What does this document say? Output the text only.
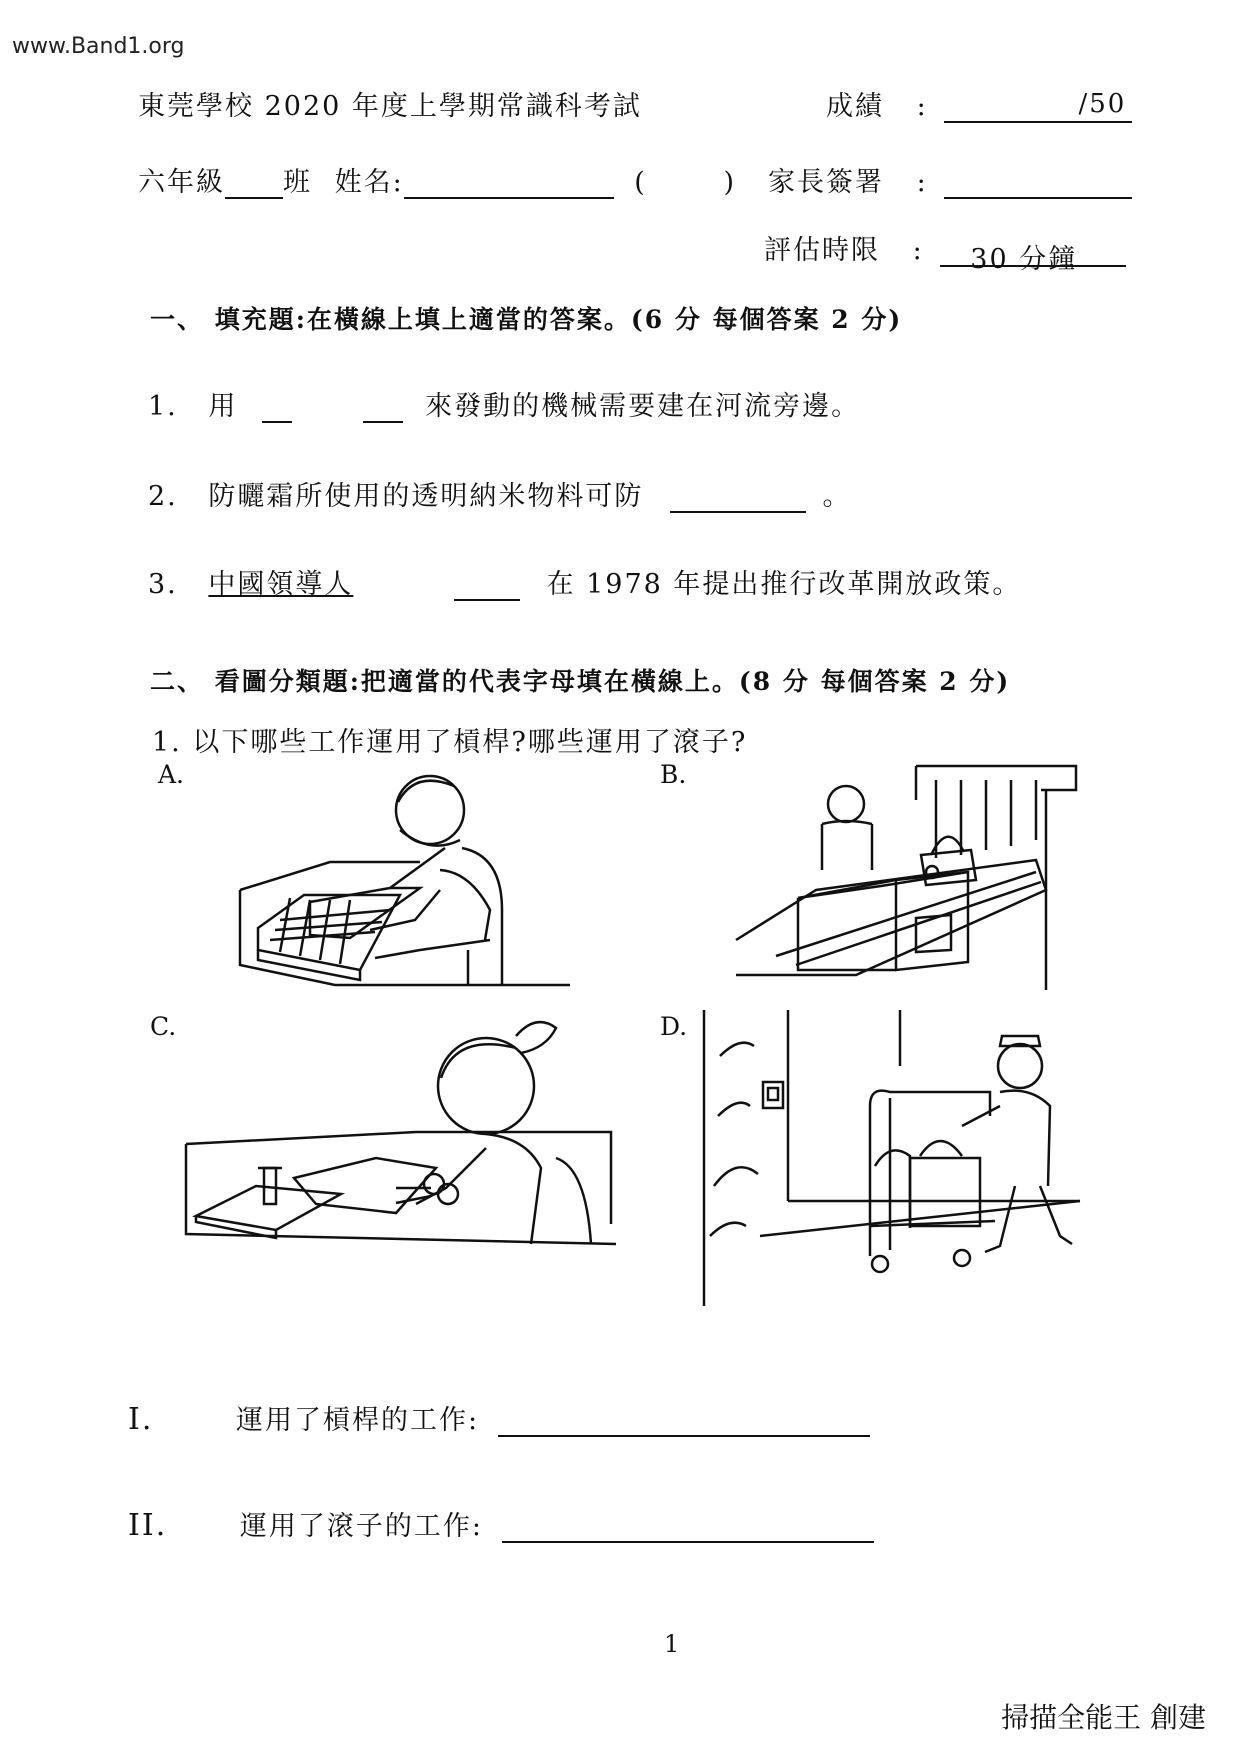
www.Band1.org
東莞學校 2020 年度上學期常識科考試	成績 :	/50
六年級 班 姓名:	(	) 家長簽署 :
評估時限 : 30 分鐘
一、 填充題:在橫線上填上適當的答案。(6 分 每個答案 2 分)
1. 用	來發動的機械需要建在河流旁邊。
2. 防曬霜所使用的透明納米物料可防	。
3. 中國領導人	在 1978 年提出推行改革開放政策。
二、 看圖分類題:把適當的代表字母填在橫線上。(8 分 每個答案 2 分)
1. 以下哪些工作運用了槓桿?哪些運用了滾子?
A.	B.
C.	D.
I.	運用了槓桿的工作:
II.	運用了滾子的工作:
1
掃描全能王 創建
